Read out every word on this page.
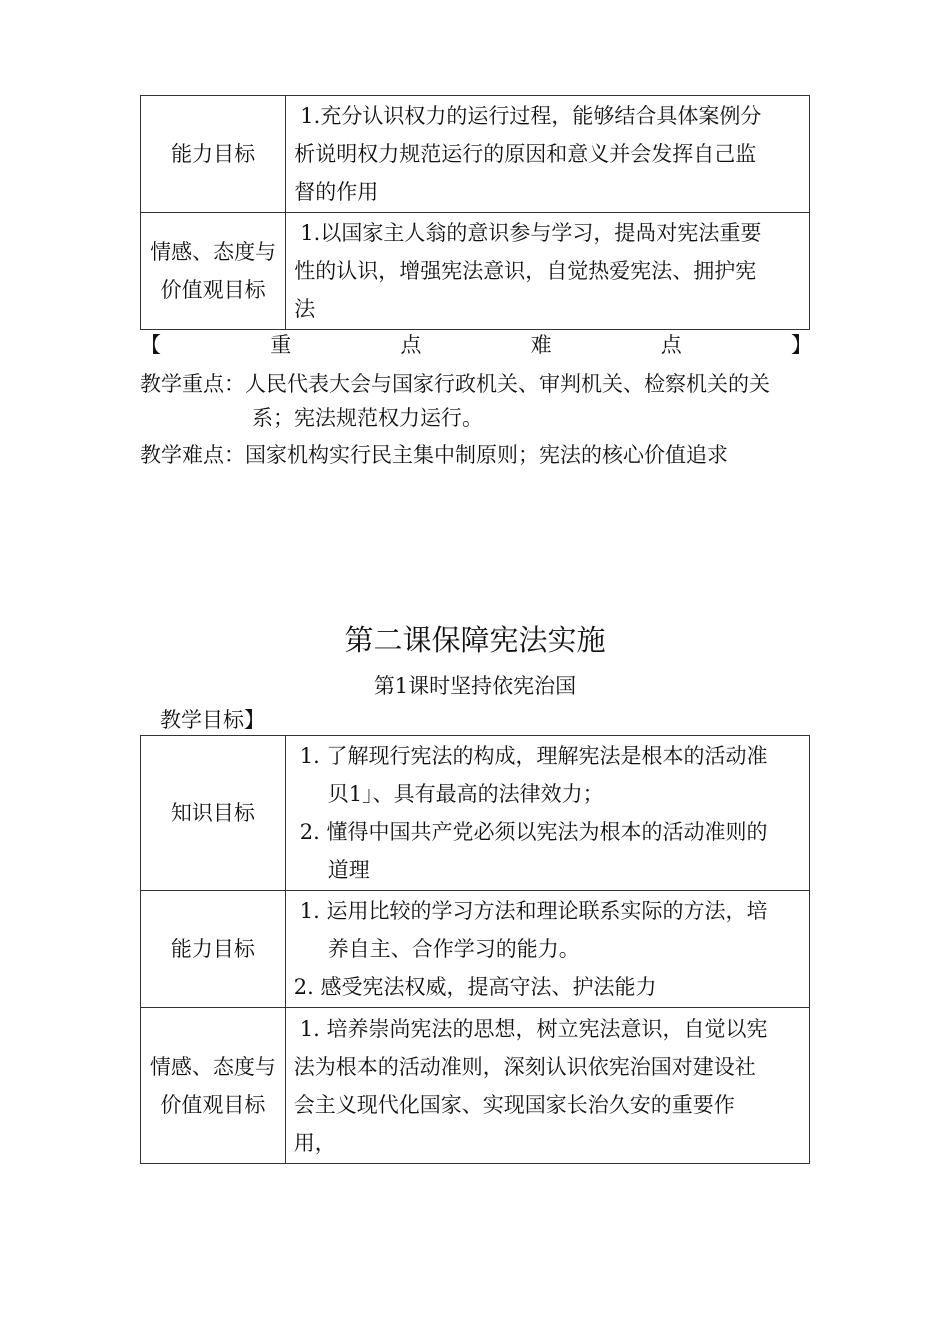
能力目标	1.充分认识权力的运行过程，能够结合具体案例分
析说明权力规范运行的原因和意义并会发挥自己监
督的作用

情感、态度与
价值观目标	1.以国家主人翁的意识参与学习，提咼对宪法重要
性的认识，增强宪法意识，自觉热爱宪法、拥护宪
法
【	重	点	难	点	】
教学重点：人民代表大会与国家行政机关、审判机关、检察机关的关
系；宪法规范权力运行。
教学难点：国家机构实行民主集中制原则；宪法的核心价值追求
第二课保障宪法实施
第1课时坚持依宪治国
教学目标】
知识目标	1. 了解现行宪法的构成，理解宪法是根本的活动准
贝1」、具有最高的法律效力；
2. 懂得中国共产党必须以宪法为根本的活动准则的
道理

能力目标	1. 运用比较的学习方法和理论联系实际的方法，培
养自主、合作学习的能力。
2. 感受宪法权威，提高守法、护法能力

情感、态度与
价值观目标	1. 培养崇尚宪法的思想，树立宪法意识，自觉以宪
法为根本的活动准则，深刻认识依宪治国对建设社
会主义现代化国家、实现国家长治久安的重要作
用，
